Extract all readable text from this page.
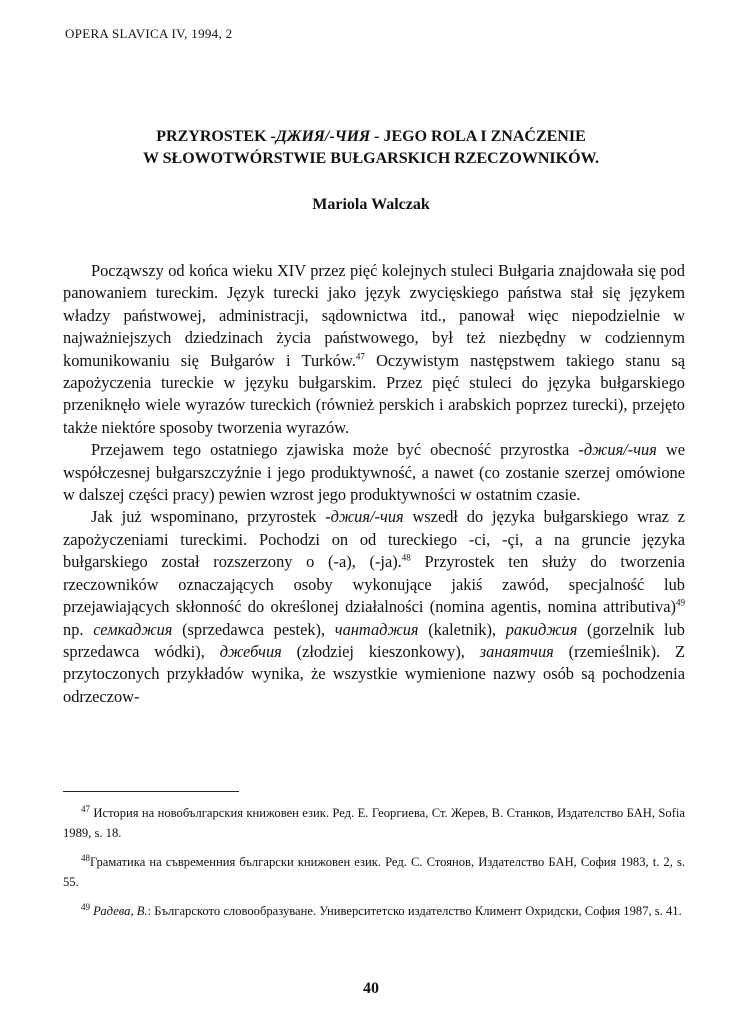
OPERA SLAVICA IV, 1994, 2
PRZYROSTEK -ДЖИЯ/-ЧИЯ - JEGO ROLA I ZNAĆZENIE
W SŁOWOTWÓRSTWIE BUŁGARSKICH RZECZOWNIKÓW.
Mariola Walczak

Począwszy od końca wieku XIV przez pięć kolejnych stuleci Bułgaria znajdowała się pod panowaniem tureckim. Język turecki jako język zwycięskiego państwa stał się językem władzy państwowej, administracji, sądownictwa itd., panował więc niepodzielnie w najważniejszych dziedzinach życia państwowego, był też niezbędny w codziennym komunikowaniu się Bułgarów i Turków.$^{47}$ Oczywistym następstwem takiego stanu są zapożyczenia tureckie w języku bułgarskim. Przez pięć stuleci do języka bułgarskiego przeniknęło wiele wyrazów tureckich (również perskich i arabskich poprzez turecki), przejęto także niektóre sposoby tworzenia wyrazów.

Przejawem tego ostatniego zjawiska może być obecność przyrostka -джия/-чия we współczesnej bułgarszczyźnie i jego produktywność, a nawet (co zostanie szerzej omówione w dalszej części pracy) pewien wzrost jego produktywności w ostatnim czasie.

Jak już wspominano, przyrostek -джия/-чия wszedł do języka bułgarskiego wraz z zapożyczeniami tureckimi. Pochodzi on od tureckiego -ci, -çi, a na gruncie języka bułgarskiego został rozszerzony o (-a), (-ja).$^{48}$ Przyrostek ten służy do tworzenia rzeczowników oznaczających osoby wykonujące jakiś zawód, specjalność lub przejawiających skłonność do określonej działalności (nomina agentis, nomina attributiva)$^{49}$ np. семкаджия (sprzedawca pestek), чантаджия (kaletnik), ракиджия (gorzelnik lub sprzedawca wódki), джебчия (złodziej kieszonkowy), занаятчия (rzemieślnik). Z przytoczonych przykładów wynika, że wszystkie wymienione nazwy osób są pochodzenia odrzeczow-

$^{47}$ История на новобългарския книжовен език. Ред. Е. Георгиева, Ст. Жерев, В. Станков, Издателство БАН, Sofia 1989, s. 18.

$^{48}$Граматика на съвременния български книжовен език. Ред. С. Стоянов, Издателство БАН, София 1983, t. 2, s. 55.

$^{49}$ Радева, В.: Българското словообразуване. Университетско издателство Климент Охридски, София 1987, s. 41.

40
